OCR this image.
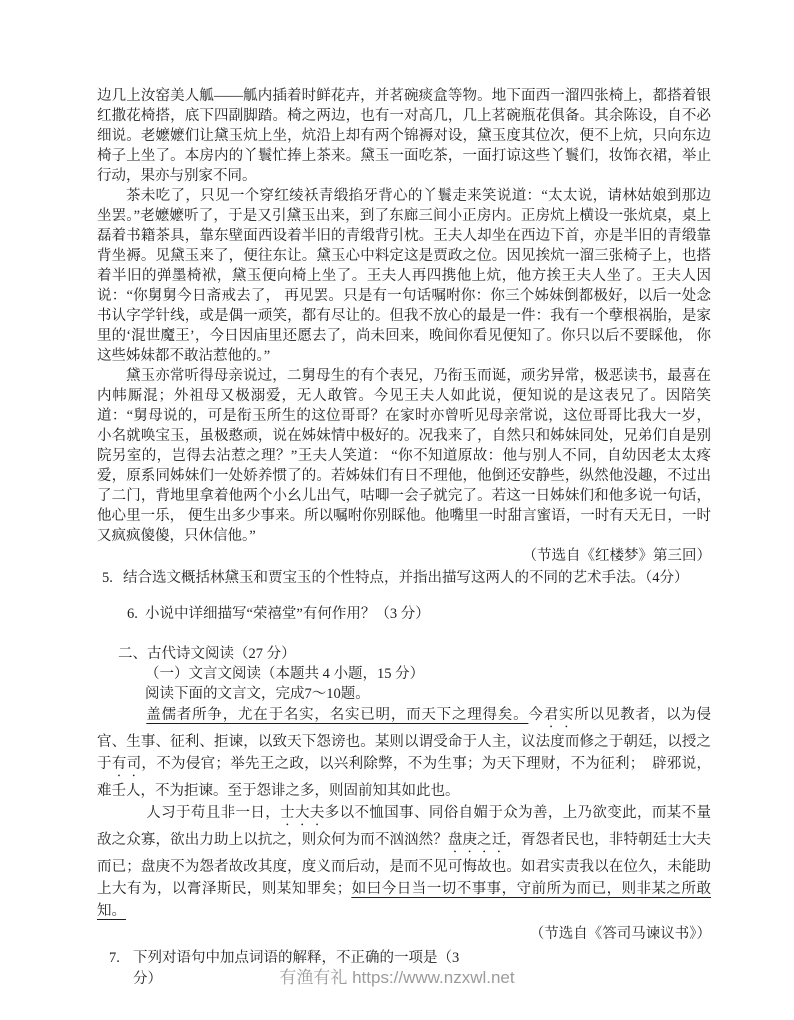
边几上汝窑美人觚——觚内插着时鲜花卉，并茗碗痰盒等物。地下面西一溜四张椅上，都搭着银红撒花椅搭，底下四副脚踏。椅之两边，也有一对高几，几上茗碗瓶花俱备。其余陈设，自不必细说。老嬷嬷们让黛玉炕上坐，炕沿上却有两个锦褥对设，黛玉度其位次，便不上炕，只向东边椅子上坐了。本房内的丫鬟忙捧上茶来。黛玉一面吃茶，一面打谅这些丫鬟们，妆饰衣裙，举止行动，果亦与别家不同。

茶未吃了，只见一个穿红绫袄青缎掐牙背心的丫鬟走来笑说道：“太太说，请林姑娘到那边坐罢。”老嬷嬷听了，于是又引黛玉出来，到了东廊三间小正房内。正房炕上横设一张炕桌，桌上磊着书籍茶具，靠东壁面西设着半旧的青缎背引枕。王夫人却坐在西边下首，亦是半旧的青缎靠背坐褥。见黛玉来了，便往东让。黛玉心中料定这是贾政之位。因见挨炕一溜三张椅子上，也搭着半旧的弹墨椅袱，黛玉便向椅上坐了。王夫人再四携他上炕，他方挨王夫人坐了。王夫人因说：“你舅舅今日斋戒去了， 再见罢。只是有一句话嘱咐你：你三个姊妹倒都极好，以后一处念书认字学针线，或是偶一顽笑，都有尽让的。但我不放心的最是一件：我有一个孽根祸胎，是家里的‘混世魔王’，今日因庙里还愿去了，尚未回来，晚间你看见便知了。你只以后不要睬他， 你这些姊妹都不敢沾惹他的。”

黛玉亦常听得母亲说过，二舅母生的有个表兄，乃衔玉而诞，顽劣异常，极恶读书，最喜在内帏厮混；外祖母又极溺爱，无人敢管。今见王夫人如此说，便知说的是这表兄了。因陪笑道：“舅母说的，可是衔玉所生的这位哥哥？在家时亦曾听见母亲常说，这位哥哥比我大一岁，小名就唤宝玉，虽极憨顽，说在姊妹情中极好的。况我来了，自然只和姊妹同处，兄弟们自是别院另室的，岂得去沾惹之理？”王夫人笑道： “你不知道原故：他与别人不同，自幼因老太太疼爱，原系同姊妹们一处娇养惯了的。若姊妹们有日不理他，他倒还安静些，纵然他没趣，不过出了二门，背地里拿着他两个小幺儿出气，咕唧一会子就完了。若这一日姊妹们和他多说一句话，他心里一乐， 便生出多少事来。所以嘱咐你别睬他。他嘴里一时甜言蜜语，一时有天无日，一时又疯疯傻傻，只休信他。”

（节选自《红楼梦》第三回）

5. 结合选文概括林黛玉和贾宝玉的个性特点，并指出描写这两人的不同的艺术手法。（4分）
6. 小说中详细描写“荣禧堂”有何作用？（3 分）

二、古代诗文阅读（27 分）

（一）文言文阅读（本题共 4 小题，15 分）

阅读下面的文言文，完成7～10题。

盖儒者所争，尤在于名实，名实已明，而天下之理得矣。今君实所以见教者，以为侵官、生事、征利、拒谏，以致天下怨谤也。某则以谓受命于人主，议法度而修之于朝廷，以授之于有司，不为侵官；举先王之政，以兴利除弊，不为生事；为天下理财，不为征利；　辟邪说，难壬人，不为拒谏。至于怨诽之多，则固前知其如此也。

人习于苟且非一日，士大夫多以不恤国事、同俗自媚于众为善，上乃欲变此，而某不量敌之众寡，欲出力助上以抗之，则众何为而不汹汹然？盘庚之迁，胥怨者民也，非特朝廷士大夫而已；盘庚不为怨者故改其度，度义而后动，是而不见可悔故也。如君实责我以在位久，未能助上大有为，以膏泽斯民，则某知罪矣；如曰今日当一切不事事，守前所为而已，则非某之所敢知。

（节选自《答司马谏议书》）

7. 下列对语句中加点词语的解释，不正确的一项是（3
分）	有渔有礼 https://www.nzxwl.net
